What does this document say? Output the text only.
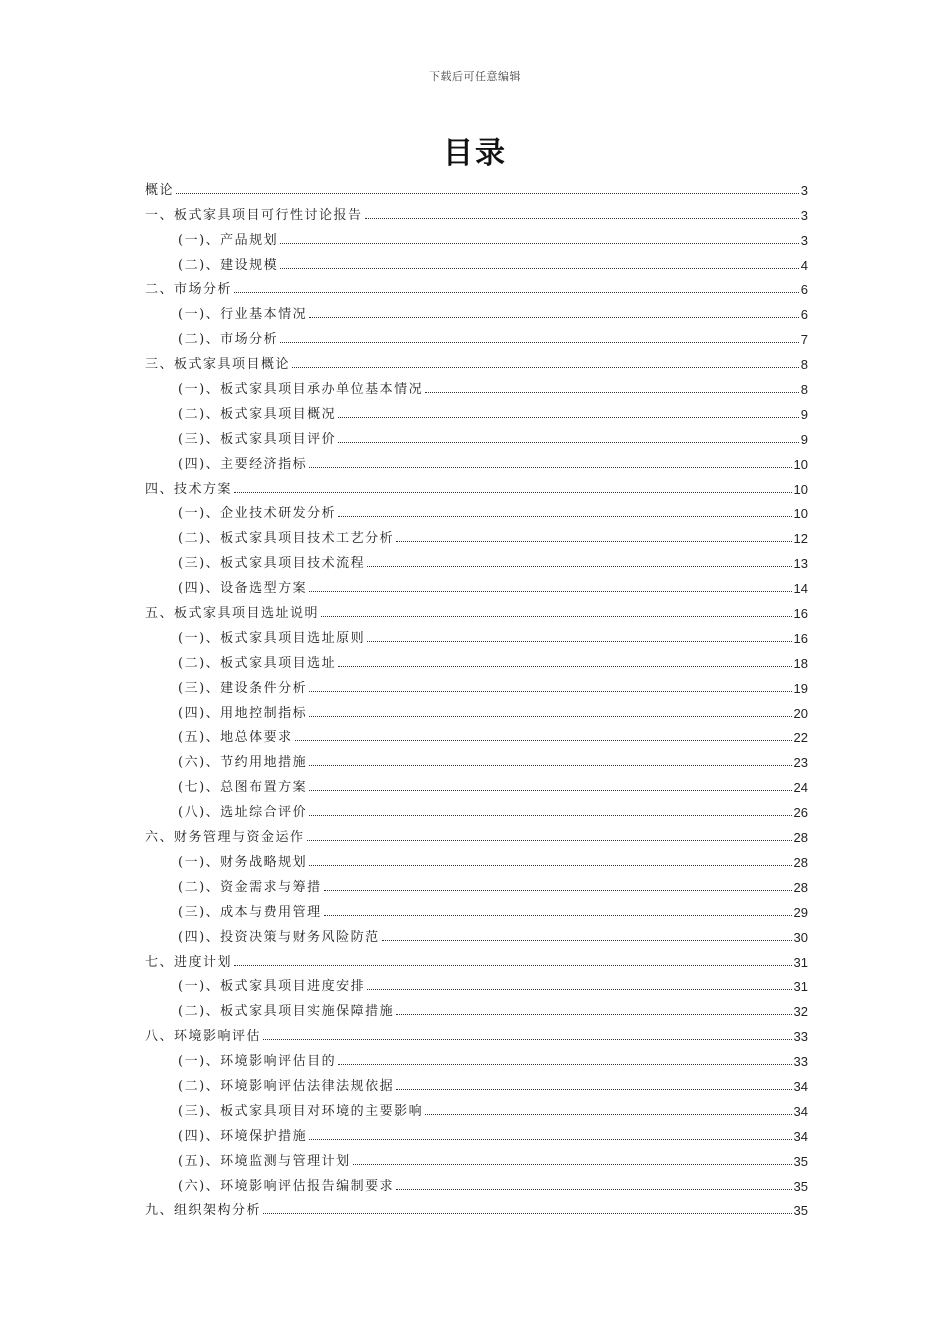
下载后可任意编辑
目录
概论	3
一、板式家具项目可行性讨论报告	3
(一)、产品规划	3
(二)、建设规模	4
二、市场分析	6
(一)、行业基本情况	6
(二)、市场分析	7
三、板式家具项目概论	8
(一)、板式家具项目承办单位基本情况	8
(二)、板式家具项目概况	9
(三)、板式家具项目评价	9
(四)、主要经济指标	10
四、技术方案	10
(一)、企业技术研发分析	10
(二)、板式家具项目技术工艺分析	12
(三)、板式家具项目技术流程	13
(四)、设备选型方案	14
五、板式家具项目选址说明	16
(一)、板式家具项目选址原则	16
(二)、板式家具项目选址	18
(三)、建设条件分析	19
(四)、用地控制指标	20
(五)、地总体要求	22
(六)、节约用地措施	23
(七)、总图布置方案	24
(八)、选址综合评价	26
六、财务管理与资金运作	28
(一)、财务战略规划	28
(二)、资金需求与筹措	28
(三)、成本与费用管理	29
(四)、投资决策与财务风险防范	30
七、进度计划	31
(一)、板式家具项目进度安排	31
(二)、板式家具项目实施保障措施	32
八、环境影响评估	33
(一)、环境影响评估目的	33
(二)、环境影响评估法律法规依据	34
(三)、板式家具项目对环境的主要影响	34
(四)、环境保护措施	34
(五)、环境监测与管理计划	35
(六)、环境影响评估报告编制要求	35
九、组织架构分析	35
